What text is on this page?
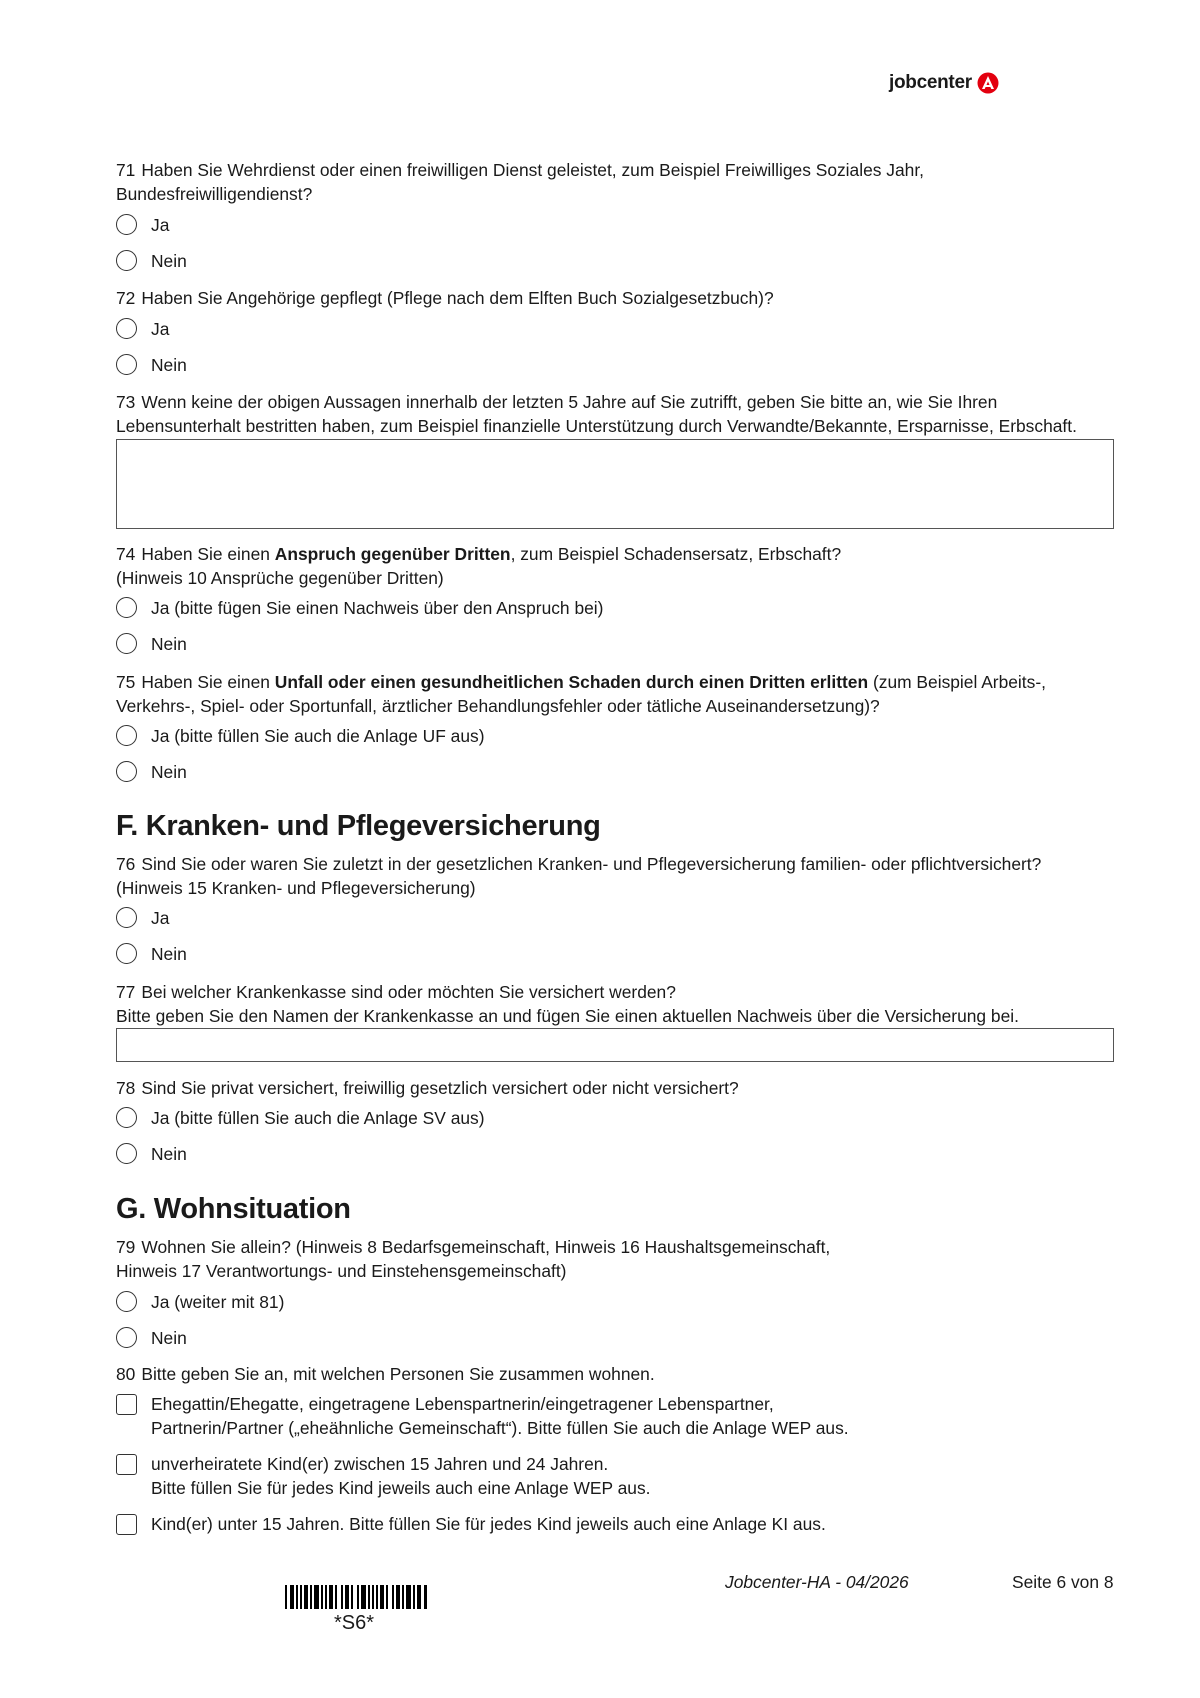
jobcenter
71 Haben Sie Wehrdienst oder einen freiwilligen Dienst geleistet, zum Beispiel Freiwilliges Soziales Jahr,
Bundesfreiwilligendienst?
Ja
Nein
72 Haben Sie Angehörige gepflegt (Pflege nach dem Elften Buch Sozialgesetzbuch)?
Ja
Nein
73 Wenn keine der obigen Aussagen innerhalb der letzten 5 Jahre auf Sie zutrifft, geben Sie bitte an, wie Sie Ihren
Lebensunterhalt bestritten haben, zum Beispiel finanzielle Unterstützung durch Verwandte/Bekannte, Ersparnisse, Erbschaft.
74 Haben Sie einen Anspruch gegenüber Dritten, zum Beispiel Schadensersatz, Erbschaft?
(Hinweis 10 Ansprüche gegenüber Dritten)
Ja (bitte fügen Sie einen Nachweis über den Anspruch bei)
Nein
75 Haben Sie einen Unfall oder einen gesundheitlichen Schaden durch einen Dritten erlitten (zum Beispiel Arbeits-,
Verkehrs-, Spiel- oder Sportunfall, ärztlicher Behandlungsfehler oder tätliche Auseinandersetzung)?
Ja (bitte füllen Sie auch die Anlage UF aus)
Nein
F. Kranken- und Pflegeversicherung
76 Sind Sie oder waren Sie zuletzt in der gesetzlichen Kranken- und Pflegeversicherung familien- oder pflichtversichert?
(Hinweis 15 Kranken- und Pflegeversicherung)
Ja
Nein
77 Bei welcher Krankenkasse sind oder möchten Sie versichert werden?
Bitte geben Sie den Namen der Krankenkasse an und fügen Sie einen aktuellen Nachweis über die Versicherung bei.
78 Sind Sie privat versichert, freiwillig gesetzlich versichert oder nicht versichert?
Ja (bitte füllen Sie auch die Anlage SV aus)
Nein
G. Wohnsituation
79 Wohnen Sie allein? (Hinweis 8 Bedarfsgemeinschaft, Hinweis 16 Haushaltsgemeinschaft,
Hinweis 17 Verantwortungs- und Einstehensgemeinschaft)
Ja (weiter mit 81)
Nein
80 Bitte geben Sie an, mit welchen Personen Sie zusammen wohnen.
Ehegattin/Ehegatte, eingetragene Lebenspartnerin/eingetragener Lebenspartner,
Partnerin/Partner („eheähnliche Gemeinschaft“). Bitte füllen Sie auch die Anlage WEP aus.
unverheiratete Kind(er) zwischen 15 Jahren und 24 Jahren.
Bitte füllen Sie für jedes Kind jeweils auch eine Anlage WEP aus.
Kind(er) unter 15 Jahren. Bitte füllen Sie für jedes Kind jeweils auch eine Anlage KI aus.
*S6*
Jobcenter-HA - 04/2026	Seite 6 von 8
